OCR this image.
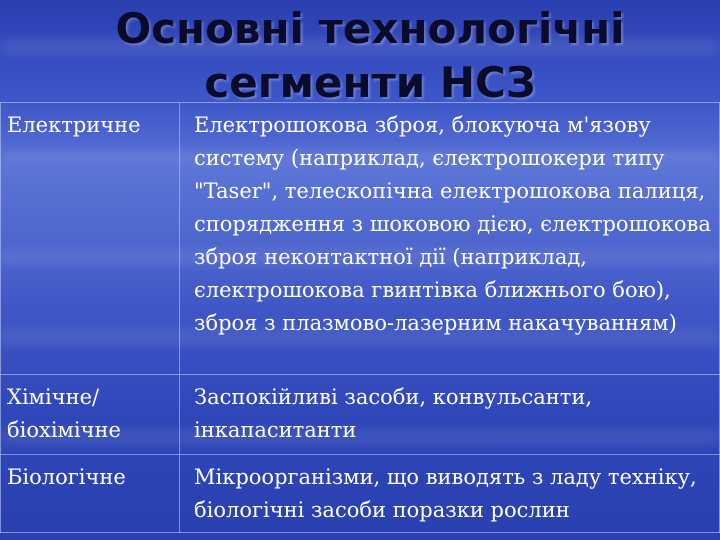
Основні технологічні
сегменти НСЗ
Електричне	Електрошокова зброя, блокуюча м'язову систему (наприклад, єлектрошокери типу "Taser", телескопічна електрошокова палиця, спорядження з шоковою дією, єлектрошокова зброя неконтактної дії (наприклад, єлектрошокова гвинтівка ближнього бою), зброя з плазмово-лазерним накачуванням)
Хімічне/ біохімічне	Заспокійливі засоби, конвульсанти, інкапаситанти
Біологічне	Мікроорганізми, що виводять з ладу техніку, біологічні засоби поразки рослин
